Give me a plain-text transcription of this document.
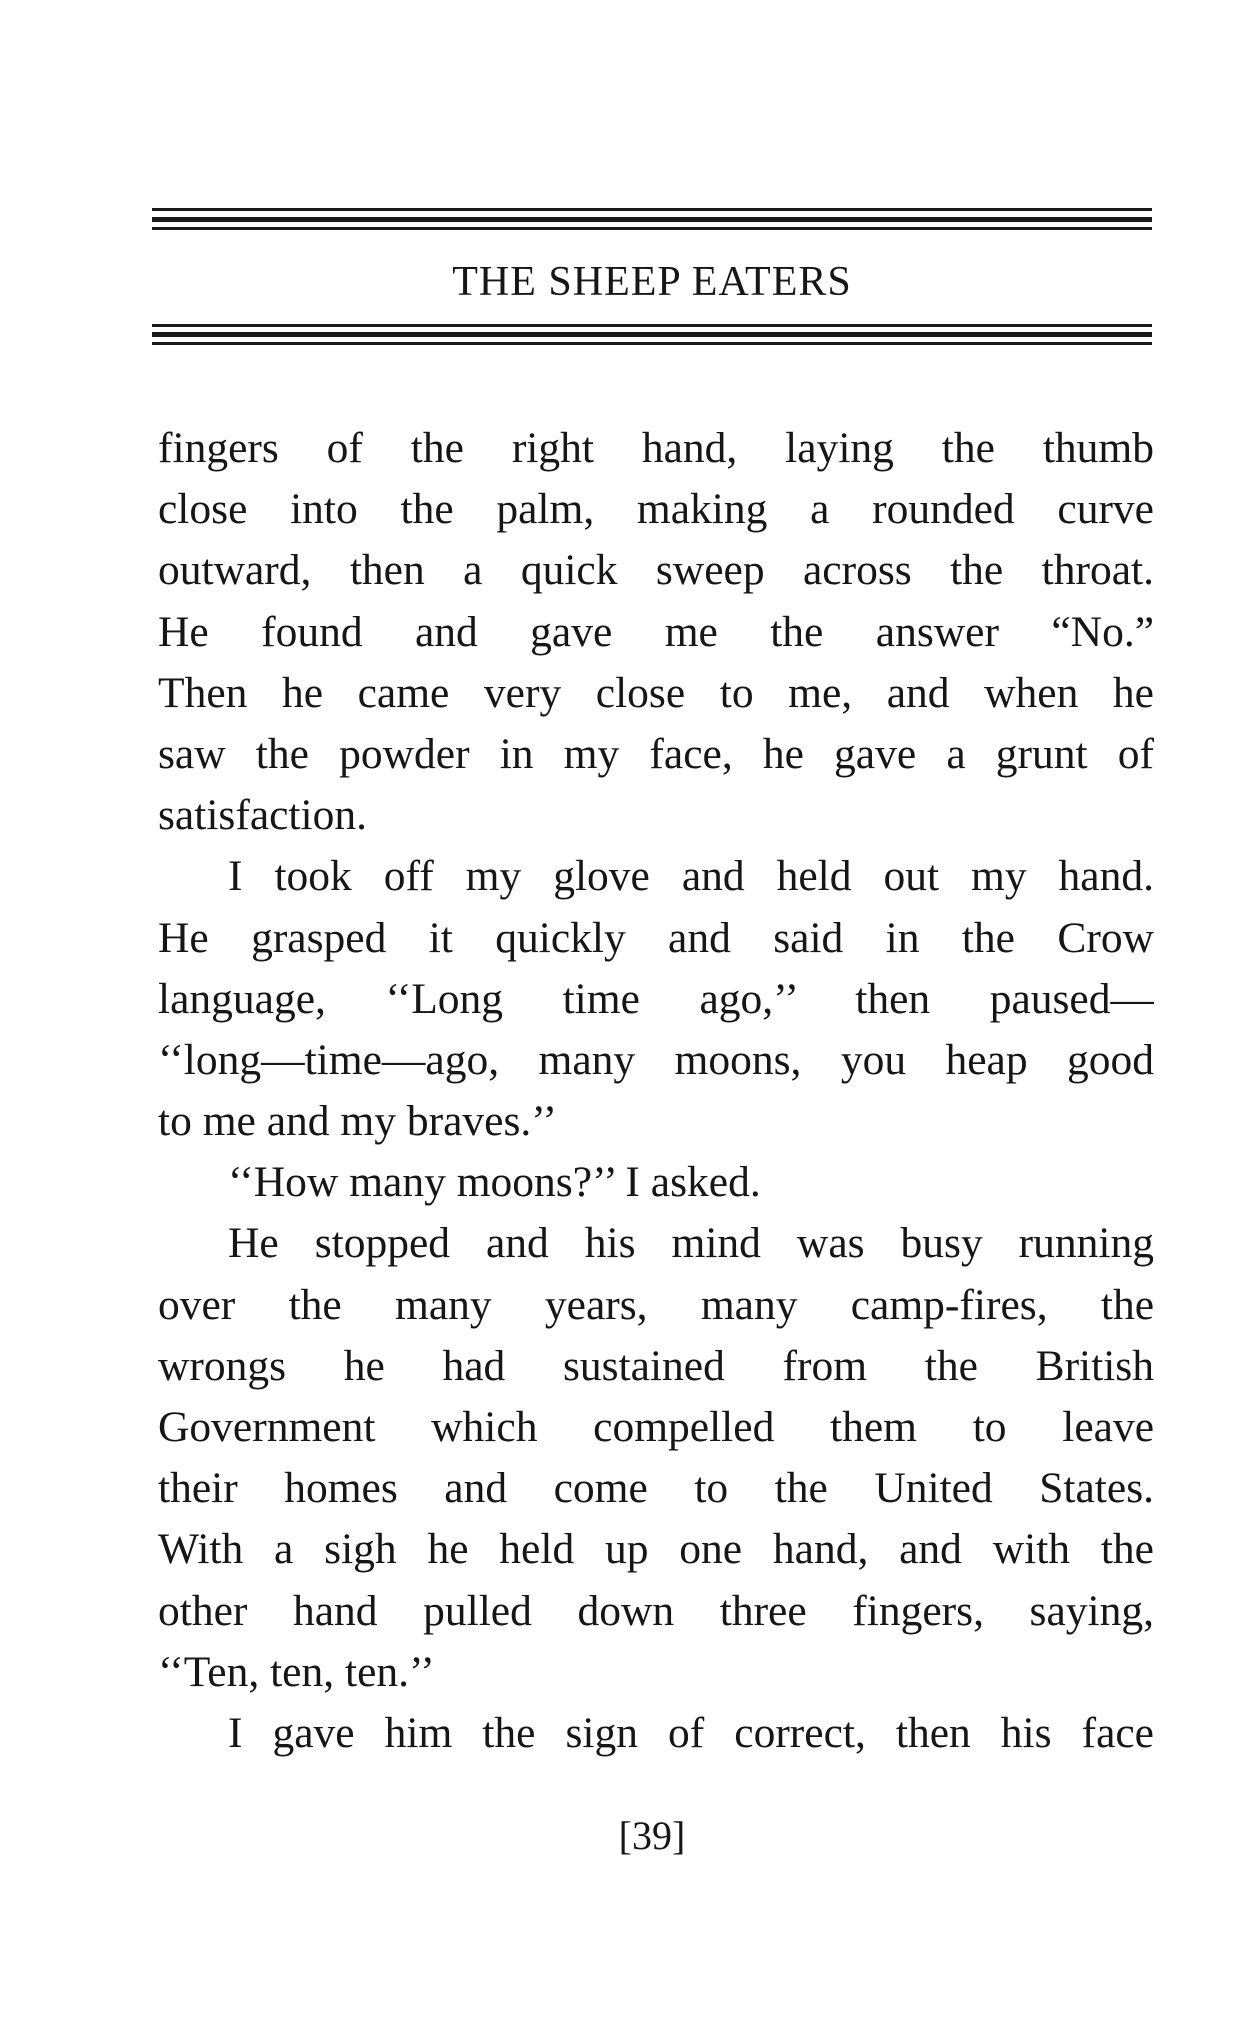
THE SHEEP EATERS
fingers of the right hand, laying the thumb
close into the palm, making a rounded curve
outward, then a quick sweep across the throat.
He found and gave me the answer “No.”
Then he came very close to me, and when he
saw the powder in my face, he gave a grunt of
satisfaction.
I took off my glove and held out my hand.
He grasped it quickly and said in the Crow
language, ‘‘Long time ago,’’ then paused—
‘‘long—time—ago, many moons, you heap good
to me and my braves.’’
‘‘How many moons?’’ I asked.
He stopped and his mind was busy running
over the many years, many camp-fires, the
wrongs he had sustained from the British
Government which compelled them to leave
their homes and come to the United States.
With a sigh he held up one hand, and with the
other hand pulled down three fingers, saying,
‘‘Ten, ten, ten.’’
I gave him the sign of correct, then his face
[39]
